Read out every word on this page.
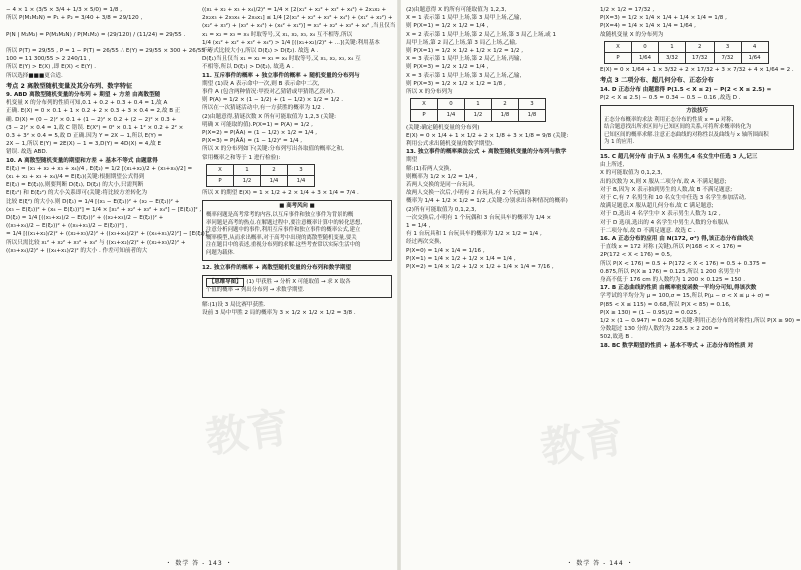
− 4 × 1 × (3/5 × 3/4 + 1/3 × 5/0) = 1/8 ,
所以 P(M₁M₂N) = P₁ + P₂ = 3/40 + 3/8 = 29/120 ,

P(N | M₁M₂) = P(M₁M₂N) / P(M₁M₂) = (29/120) / (11/24) = 29/55 .

所以 P(T) = 29/55 , P = 1 − P(T) = 26/55 ∴ E(Y) = 29/55 × 300 + 26/55 ×
100 = 11 300/55 > 2 240/11 ,
所以 E(Y) > E(X) ,即 E(X) < E(Y) .
所以选择■■■更合适.
考点 2 离散型随机变量及其分布列、数字特征
9. ABD 离散型随机变量的分布列 + 期望 + 方差 由离散型随
机变量 X 的分布列的性质可知,0.1 + 0.2 + 0.3 + 0.4 = 1,故 A
正确. E(X) = 0 × 0.1 + 1 × 0.2 + 2 × 0.3 + 3 × 0.4 = 2,故 B 正
确. D(X) = (0 − 2)² × 0.1 + (1 − 2)² × 0.2 + (2 − 2)² × 0.3 +
(3 − 2)² × 0.4 = 1,故 C 错误. E(X²) = 0² × 0.1 + 1² × 0.2 + 2² ×
0.3 + 3² × 0.4 = 5,故 D 正确.因为 Y = 2X − 1,所以 E(Y) =
2X − 1,所以 E(Y) = 2E(X) − 1 = 3,D(Y) = 4D(X) = 4,故 E
错误. 故选 ABD.
10. A 离散型随机变量的期望和方差 + 基本不等式 由题意得
E(ξ₁) = (x₁ + x₂ + x₃ + x₄)/4 , E(ξ₂) = 1/2 [(x₁+x₂)/2 + (x₃+x₄)/2] =
(x₁ + x₂ + x₃ + x₄)/4 = E(ξ₁)(关键:根据期望公式得到
E(ξ₁) = E(ξ₂)),则要判断 D(ξ₁), D(ξ₂) 的大小,只需判断
E(ξ₁²) 和 E(ξ₂²) 的大小关系即可(关键:将比较方差转化为
比较 E(ξ²) 的大小).则 D(ξ₁) = 1/4 [(x₁ − E(ξ₁))² + (x₂ − E(ξ₁))² +
(x₃ − E(ξ₁))² + (x₄ − E(ξ₁))²] = 1/4 × [x₁² + x₂² + x₃² + x₄²] − [E(ξ₁)]² ,
D(ξ₂) = 1/4 [((x₁+x₂)/2 − E(ξ₂))² + ((x₂+x₃)/2 − E(ξ₂))² +
((x₃+x₄)/2 − E(ξ₂))² + ((x₄+x₁)/2 − E(ξ₂))²] ,
= 1/4 [((x₁+x₂)/2)² + ((x₂+x₃)/2)² + ((x₃+x₄)/2)² + ((x₄+x₁)/2)²] − [E(ξ₂)]² ,
所以只需比较 x₁² + x₂² + x₃² + x₄² 与 ((x₁+x₂)/2)² + ((x₂+x₃)/2)² +
((x₃+x₄)/2)² + ((x₄+x₁)/2)² 的大小 . 作差可知前者的大
((x₁ + x₂ + x₃ + x₄)/2)² = 1/4 × [2(x₁² + x₂² + x₃² + x₄²) + 2x₁x₂ +
2x₂x₃ + 2x₃x₄ + 2x₄x₁] ≤ 1/4 [2(x₁² + x₂² + x₃² + x₄²) + (x₁² + x₂²) +
(x₂² + x₃²) + (x₃² + x₄²) + (x₄² + x₁²)] = x₁² + x₂² + x₃² + x₄² ,当且仅当
x₁ = x₂ = x₃ = x₄ 时取等号,又 x₁, x₂, x₃, x₄ 互不相等,所以
1/4 (x₁² + x₂² + x₃² + x₄²) > 1/4 [((x₁+x₂)/2)² + ...](关键:利用基本
不等式比较大小),所以 D(ξ₁) > D(ξ₂). 故选 A .
D(ξ₁)当且仅当 x₁ = x₂ = x₃ = x₄ 时取等号,又 x₁, x₂, x₃, x₄ 互
不相等,所以 D(ξ₁) > D(ξ₂), 故选 A .
11. 互斥事件的概率 + 独立事件的概率 + 随机变量的分布列与
期望 (1)设 A 表示命中一次,则 B 表示命中二次,
事件 A (包含两种情况:甲投对乙猜错或甲猜错乙投对).
则 P(A) = 1/2 × (1 − 1/2) + (1 − 1/2) × 1/2 = 1/2 .
所以在一次猜谜活动中,有一方获胜的概率为 1/2 .
(2)由题意得,猜谜次数 X 所有可能取值为 1,2,3 (关键:
明确 X 可能取的值).P(X=1) = P(A) = 1/2 ,
P(X=2) = P(ĀA) = (1 − 1/2) × 1/2 = 1/4 ,
P(X=3) = P(ĀĀ) = (1 − 1/2)² = 1/4 ,
所以 X 的分布列如下(关键:分布列写出各取值的概率之和,
常用概率之和等于 1 进行检验):
X	1	2	3
P	1/2	1/4	1/4
所以 X 的期望 E(X) = 1 × 1/2 + 2 × 1/4 + 3 × 1/4 = 7/4 .
■ 高考风向 ■
概率问题是高考常考的内容,以互斥事件和独立事件为背景的概
率问题是高考的热点.在解题过程中,要注意概率计算中的转化思想,
注意分析问题中的事件,利用互斥事件和独立事件的概率公式,建立
概率模型,从而求出概率,对于高考中出现的离散型随机变量,要关
注在题目中的表述,重视分布列的求解.这些考查常以实际生活中的
问题为载体.
12. 独立事件的概率 + 离散型随机变量的分布列和数学期望
【思维导图】 (1) 甲获胜 → 分析 X 可能取值 → 求 X 取各
个值的概率 → 列出分布列 → 求数学期望.
解:(1)设 3 局比赛甲获胜.
设前 3 局中甲胜 2 局的概率为 3 × 1/2 × 1/2 × 1/2 = 3/8 .
教育
・ 数学 答 - 143 ・
(2)由题意得 X 的所有可能取值为 1,2,3,
X = 1 表示第 1 局甲上场,第 3 局甲上场,乙输,
则 P(X=1) = 1/2 × 1/2 = 1/4 ,
X = 2 表示第 1 局甲上场,第 2 局乙上场,第 3 局乙上场,或 1
局甲上场,第 2 局乙上场,第 3 局乙上场,乙输,
则 P(X=1) = 1/2 × 1/2 + 1/2 × 1/2 = 1/2 ,
X = 3 表示第 1 局甲上场,第 2 局乙上场,丙输,
则 P(X=3) = 1/2 × 1/2 = 1/4 ,
X = 3 表示第 1 局甲上场,第 3 局乙上场,乙输,
则 P(X=3) = 1/2 × 1/2 × 1/2 = 1/8 ,
所以 X 的分布列为
X	0	1	2	3
P	1/4	1/2	1/8	1/8
(关键:确定随机变量的分布列)
E(X) = 0 × 1/4 + 1 × 1/2 + 2 × 1/8 + 3 × 1/8 = 9/8 (关键:
利用公式求出随机变量的数学期望).
13. 独立事件的概率乘法公式 + 离散型随机变量的分布列与数学
期望
解:(1)若两人交换,
则概率为 1/2 × 1/2 = 1/4 ,
若两人交换的是同一台玩具,
故两人交换一次后,小明有 2 台玩具,有 2 个玩偶的
概率为 1/4 + 1/2 × 1/2 = 1/2 ,(关键:分别求出各种情况的概率)
(2)所有可能取值为 0,1,2,3,
一次交换后,小明有 1 个玩偶和 3 台玩具车的概率为 1/4 ×
1 = 1/4 ,
有 1 台玩具和 1 台玩具车的概率为 1/2 × 1/2 = 1/4 ,
经过两次交换,
P(X=0) = 1/4 × 1/4 = 1/16 ,
P(X=1) = 1/4 × 1/2 + 1/2 × 1/4 = 1/4 ,
P(X=2) = 1/4 × 1/2 + 1/2 × 1/2 + 1/4 × 1/4 = 7/16 ,
1/2 × 1/2 = 17/32 ,
P(X=3) = 1/2 × 1/4 × 1/4 + 1/4 × 1/4 = 1/8 ,
P(X=4) = 1/4 × 1/4 × 1/4 = 1/64 ,
故随机变量 X 的分布列为
X	0	1	2	3	4
P	1/64	3/32	17/32	7/32	1/64
E(X) = 0 × 1/64 + 1 × 3/32 + 2 × 17/32 + 3 × 7/32 + 4 × 1/64 = 2 .
考点 3 二项分布、超几何分布、正态分布
14. D 正态分布 由题意得 P(1.5 < X ≤ 2) − P(2 < X ≤ 2.5) =
P(2 < X ≤ 2.5) − 0.5 = 0.34 − 0.5 − 0.16 ,故选 D .
方法技巧
正态分布概率的求法 利用正态分布的性质 x = μ 对称,
结合题意找出所求区间与已知区间的关系,可将所求概率转化为
已知区间的概率求解.注意正态曲线的对称性以及曲线与 x 轴所围面积
为 1 的应用.
15. C 超几何分布 由于从 3 名男生,4 名女生中任选 3 人,记三
由上所述,
X 的可能取值为 0,1,2,3,
出的次数为 X,则 X 服从二项分布,故 A 不满足题意;
对于 B,因为 X 表示抽到男生的人数,故 B 不满足题意;
对于 C,有 7 名男生和 10 名女生中任选 3 名学生参加活动,
故满足题意,X 服从超几何分布,故 C 满足题意;
对于 D,选出 4 名学生中 X 表示男生人数为 1/2 ,
对于 D 选项,选出的 4 名学生中男生人数的分布服从
于二项分布,故 D 不满足题意. 故选 C .
16. A 正态分布的应用 由 N(172, σ²) 得,该正态分布曲线关
于直线 x = 172 对称 (关键),所以 P(168 < X < 176) =
2P(172 < X < 176) = 0.5,
所以 P(X < 176) = 0.5 + P(172 < X < 176) = 0.5 + 0.375 =
0.875,所以 P(X ≥ 176) = 0.125,所以 1 200 名男生中
身高不低于 176 cm 的人数约为 1 200 × 0.125 = 150 .
17. B 正态曲线的性质 由概率密度函数一平均分可知,得该次数
学考试的平均分为 μ = 100,σ = 15,所以 P(μ − σ < X ≤ μ + σ) =
P(85 < X ≤ 115) = 0.68,所以 P(X < 85) = 0.16,
P(X ≥ 130) = (1 − 0.95)/2 = 0.025 ,
1/2 × (1 − 0.947) = 0.026 5(关键:利用正态分布的对称性),所以 P(X ≥ 90) =
分数超过 130 分的人数约为 228.5 × 2 200 =
502,故选 B .
18. BC 数学期望的性质 + 基本不等式 + 正态分布的性质 对
教育
・ 数学 答 - 144 ・
